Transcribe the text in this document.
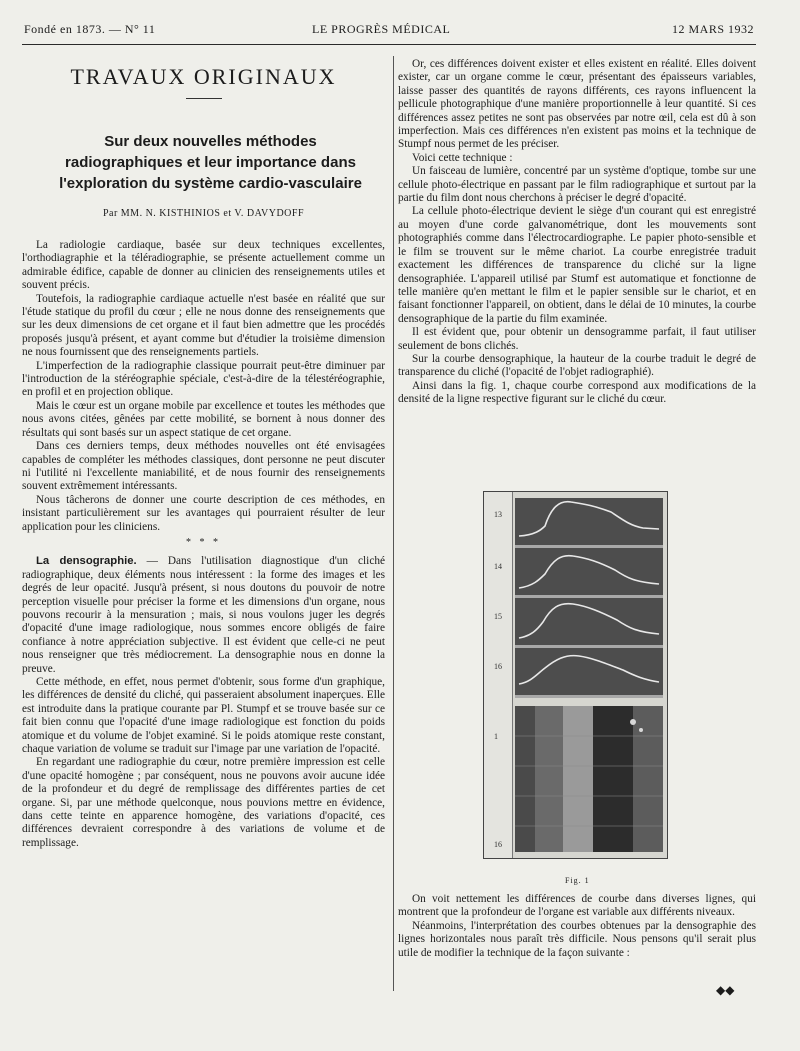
Fondé en 1873. — N° 11	LE PROGRÈS MÉDICAL	12 MARS 1932
TRAVAUX ORIGINAUX
Sur deux nouvelles méthodes
radiographiques et leur importance dans
l'exploration du système cardio-vasculaire
Par MM. N. KISTHINIOS et V. DAVYDOFF

La radiologie cardiaque, basée sur deux techniques excellentes, l'orthodiagraphie et la téléradiographie, se présente actuellement comme un admirable édifice, capable de donner au clinicien des renseignements utiles et souvent précis.

Toutefois, la radiographie cardiaque actuelle n'est basée en réalité que sur l'étude statique du profil du cœur ; elle ne nous donne des renseignements que sur les deux dimensions de cet organe et il faut bien admettre que les procédés proposés jusqu'à présent, et ayant comme but d'étudier la troisième dimension ne nous fournissent que des renseignements partiels.

L'imperfection de la radiographie classique pourrait peut-être diminuer par l'introduction de la stéréographie spéciale, c'est-à-dire de la télestéréographie, en profil et en projection oblique.

Mais le cœur est un organe mobile par excellence et toutes les méthodes que nous avons citées, gênées par cette mobilité, se bornent à nous donner des résultats qui sont basés sur un aspect statique de cet organe.

Dans ces derniers temps, deux méthodes nouvelles ont été envisagées capables de compléter les méthodes classiques, dont personne ne peut discuter ni l'utilité ni l'excellente maniabilité, et de nous fournir des renseignements souvent extrêmement intéressants.

Nous tâcherons de donner une courte description de ces méthodes, en insistant particulièrement sur les avantages qui pourraient résulter de leur application pour les cliniciens.

* * *

La densographie. — Dans l'utilisation diagnostique d'un cliché radiographique, deux éléments nous intéressent : la forme des images et les degrés de leur opacité. Jusqu'à présent, si nous doutons du pouvoir de notre perception visuelle pour préciser la forme et les dimensions d'un organe, nous pouvons recourir à la mensuration ; mais, si nous voulons juger les degrés d'opacité d'une image radiologique, nous sommes encore obligés de faire confiance à notre appréciation subjective. Il est évident que celle-ci ne peut nous renseigner que très médiocrement. La densographie nous en donne la preuve.

Cette méthode, en effet, nous permet d'obtenir, sous forme d'un graphique, les différences de densité du cliché, qui passeraient absolument inaperçues. Elle est introduite dans la pratique courante par Pl. Stumpf et se trouve basée sur ce fait bien connu que l'opacité d'une image radiologique est fonction du poids atomique et du volume de l'objet examiné. Si le poids atomique reste constant, chaque variation de volume se traduit sur l'image par une variation de l'opacité.

En regardant une radiographie du cœur, notre première impression est celle d'une opacité homogène ; par conséquent, nous ne pouvons avoir aucune idée de la profondeur et du degré de remplissage des différentes parties de cet organe. Si, par une méthode quelconque, nous pouvions mettre en évidence, dans cette teinte en apparence homogène, des variations d'opacité, ces différences devraient correspondre à des variations de volume et de remplissage.

Or, ces différences doivent exister et elles existent en réalité. Elles doivent exister, car un organe comme le cœur, présentant des épaisseurs variables, laisse passer des quantités de rayons différents, ces rayons influencent la pellicule photographique d'une manière proportionnelle à leur quantité. Si ces différences assez petites ne sont pas observées par notre œil, cela est dû à son imperfection. Mais ces différences n'en existent pas moins et la technique de Stumpf nous permet de les préciser.

Voici cette technique :

Un faisceau de lumière, concentré par un système d'optique, tombe sur une cellule photo-électrique en passant par le film radiographique et surtout par la partie du film dont nous cherchons à préciser le degré d'opacité.

La cellule photo-électrique devient le siège d'un courant qui est enregistré au moyen d'une corde galvanométrique, dont les mouvements sont photographiés comme dans l'électrocardiographe. Le papier photo-sensible et le film se trouvent sur le même chariot. La courbe enregistrée traduit exactement les différences de transparence du cliché sur la ligne densographiée. L'appareil utilisé par Stumf est automatique et fonctionne de telle manière qu'en mettant le film et le papier sensible sur le chariot, et en faisant fonctionner l'appareil, on obtient, dans le délai de 10 minutes, la courbe densographique de la partie du film examinée.

Il est évident que, pour obtenir un densogramme parfait, il faut utiliser seulement de bons clichés.

Sur la courbe densographique, la hauteur de la courbe traduit le degré de transparence du cliché (l'opacité de l'objet radiographié).

Ainsi dans la fig. 1, chaque courbe correspond aux modifications de la densité de la ligne respective figurant sur le cliché du cœur.

13
14
15
16
1
16
Fig. 1

On voit nettement les différences de courbe dans diverses lignes, qui montrent que la profondeur de l'organe est variable aux différents niveaux.

Néanmoins, l'interprétation des courbes obtenues par la densographie des lignes horizontales nous paraît très difficile. Nous pensons qu'il serait plus utile de modifier la technique de la façon suivante :

◆◆
